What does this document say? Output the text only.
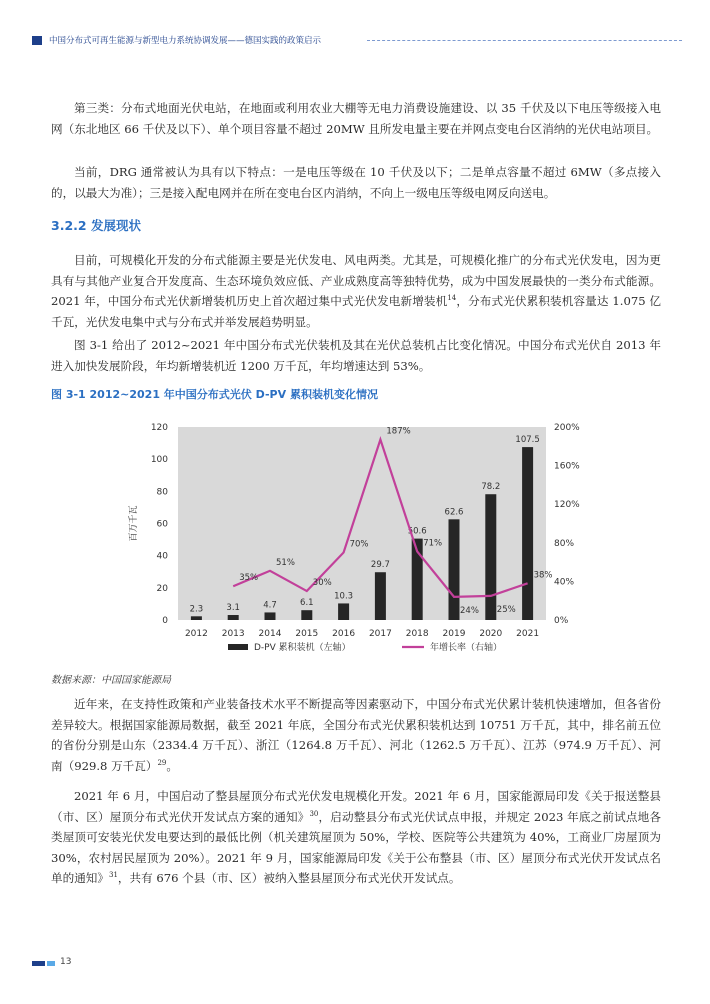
中国分布式可再生能源与新型电力系统协调发展——德国实践的政策启示

第三类：分布式地面光伏电站，在地面或利用农业大棚等无电力消费设施建设、以 35 千伏及以下电压等级接入电网（东北地区 66 千伏及以下）、单个项目容量不超过 20MW 且所发电量主要在并网点变电台区消纳的光伏电站项目。

当前，DRG 通常被认为具有以下特点：一是电压等级在 10 千伏及以下；二是单点容量不超过 6MW（多点接入的，以最大为准）；三是接入配电网并在所在变电台区内消纳，不向上一级电压等级电网反向送电。

3.2.2 发展现状

目前，可规模化开发的分布式能源主要是光伏发电、风电两类。尤其是，可规模化推广的分布式光伏发电，因为更具有与其他产业复合开发度高、生态环境负效应低、产业成熟度高等独特优势，成为中国发展最快的一类分布式能源。2021 年，中国分布式光伏新增装机历史上首次超过集中式光伏发电新增装机$^{14}$，分布式光伏累积装机容量达 1.075 亿千瓦，光伏发电集中式与分布式并举发展趋势明显。

图 3-1 给出了 2012~2021 年中国分布式光伏装机及其在光伏总装机占比变化情况。中国分布式光伏自 2013 年进入加快发展阶段，年均新增装机近 1200 万千瓦，年均增速达到 53%。

图 3-1 2012~2021 年中国分布式光伏 D-PV 累积装机变化情况
百万千瓦
2.3	3.1	4.7	6.1
10.3
29.7
50.6
62.6
78.2
107.5
35%
51%
30%
70%
187%
71%
24% 25%
38%
0
20
40
60
80
100
120
0%
40%
80%
120%
160%
200%
2012 2013 2014 2015 2016 2017 2018 2019 2020 2021
D-PV 累积装机（左轴）	年增长率（右轴）
数据来源：中国国家能源局

近年来，在支持性政策和产业装备技术水平不断提高等因素驱动下，中国分布式光伏累计装机快速增加，但各省份差异较大。根据国家能源局数据，截至 2021 年底，全国分布式光伏累积装机达到 10751 万千瓦，其中，排名前五位的省份分别是山东（2334.4 万千瓦）、浙江（1264.8 万千瓦）、河北（1262.5 万千瓦）、江苏（974.9 万千瓦）、河南（929.8 万千瓦）$^{29}$。

2021 年 6 月，中国启动了整县屋顶分布式光伏发电规模化开发。2021 年 6 月，国家能源局印发《关于报送整县（市、区）屋顶分布式光伏开发试点方案的通知》$^{30}$，启动整县分布式光伏试点申报，并规定 2023 年底之前试点地各类屋顶可安装光伏发电要达到的最低比例（机关建筑屋顶为 50%，学校、医院等公共建筑为 40%，工商业厂房屋顶为 30%，农村居民屋顶为 20%）。2021 年 9 月，国家能源局印发《关于公布整县（市、区）屋顶分布式光伏开发试点名单的通知》$^{31}$，共有 676 个县（市、区）被纳入整县屋顶分布式光伏开发试点。

13
